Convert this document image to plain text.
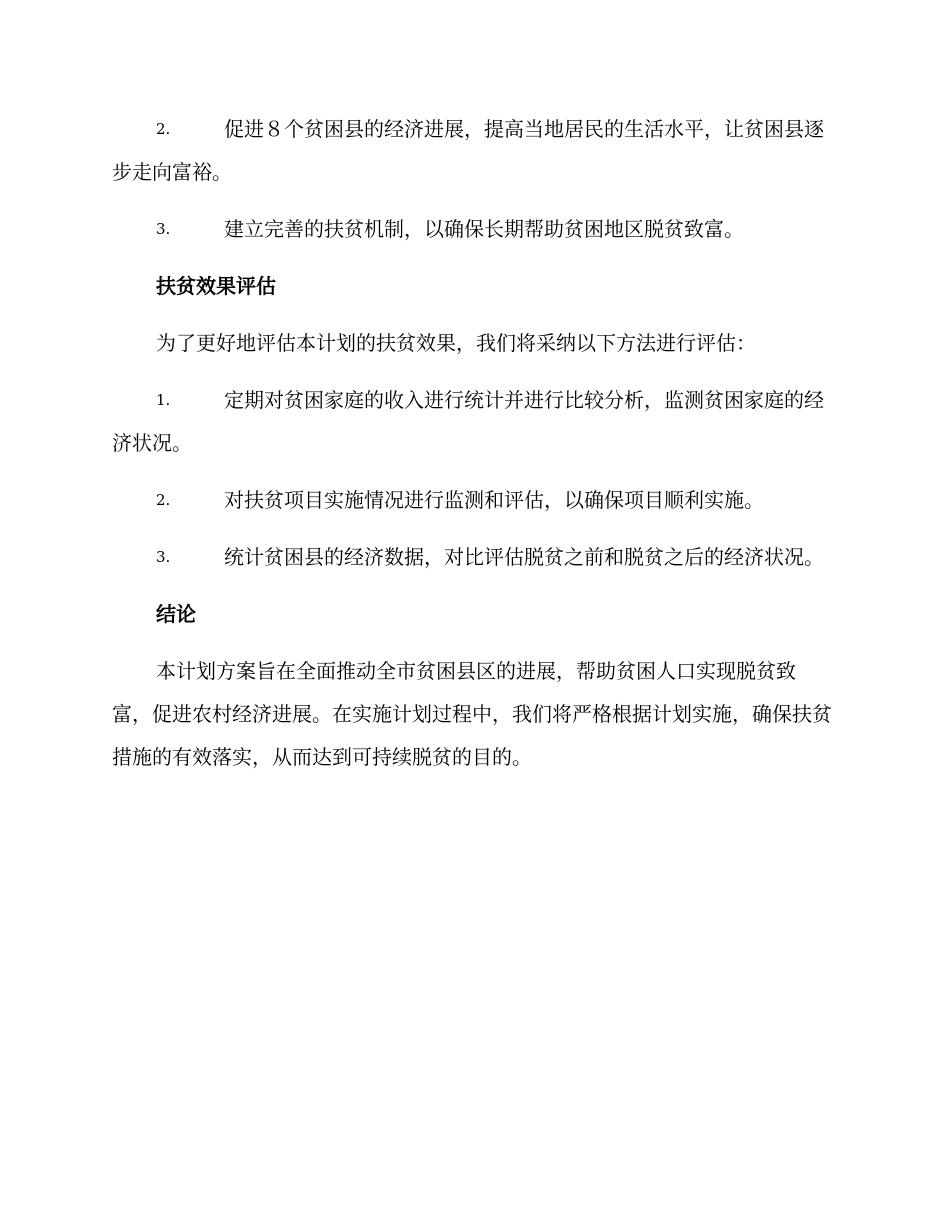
2.	促进８个贫困县的经济进展，提高当地居民的生活水平，让贫困县逐步走向富裕。
3.	建立完善的扶贫机制，以确保长期帮助贫困地区脱贫致富。
扶贫效果评估
为了更好地评估本计划的扶贫效果，我们将采纳以下方法进行评估：
1.	定期对贫困家庭的收入进行统计并进行比较分析，监测贫困家庭的经济状况。
2.	对扶贫项目实施情况进行监测和评估，以确保项目顺利实施。
3.	统计贫困县的经济数据，对比评估脱贫之前和脱贫之后的经济状况。
结论
本计划方案旨在全面推动全市贫困县区的进展，帮助贫困人口实现脱贫致富，促进农村经济进展。在实施计划过程中，我们将严格根据计划实施，确保扶贫措施的有效落实，从而达到可持续脱贫的目的。
